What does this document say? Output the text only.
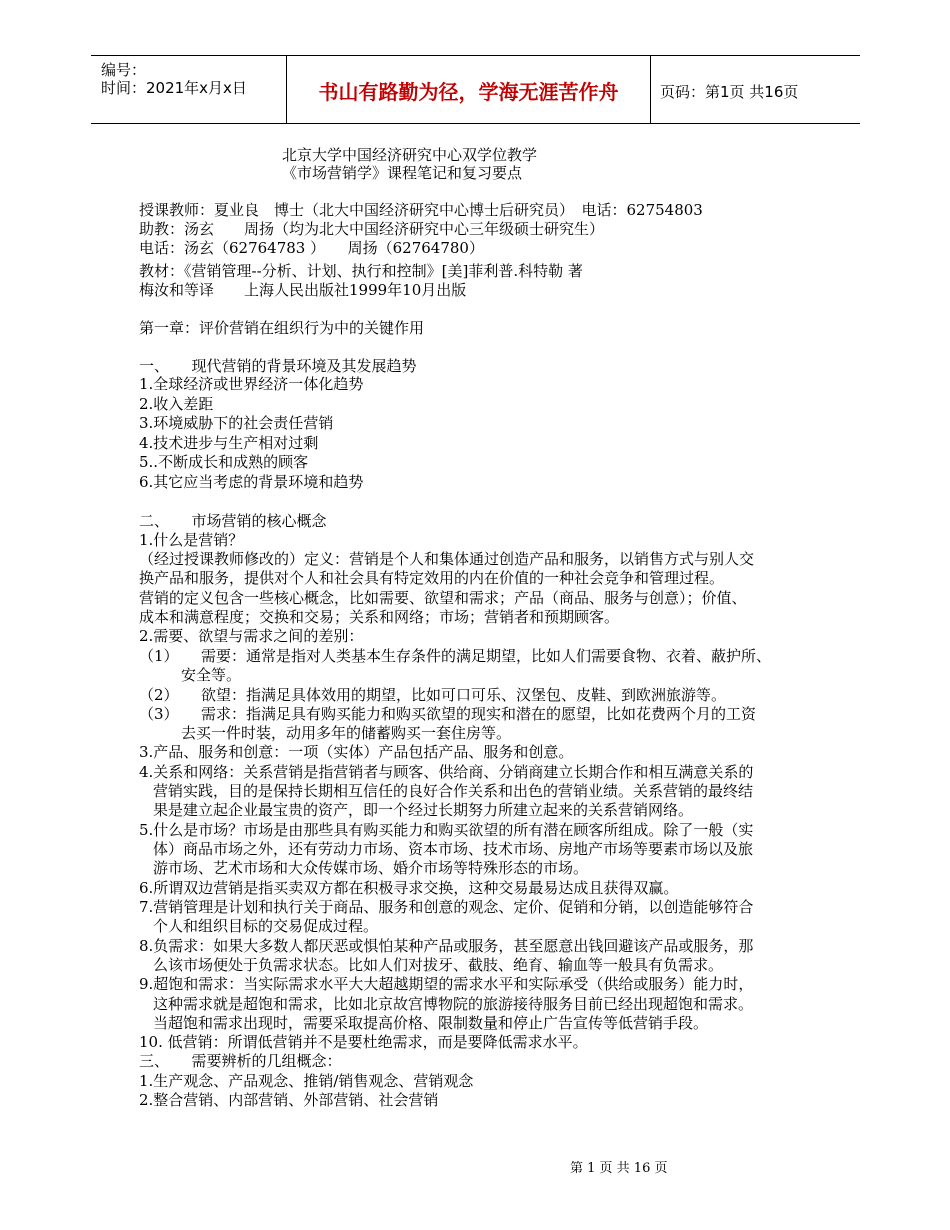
编号：
时间：2021年x月x日	书山有路勤为径，学海无涯苦作舟	页码：第1页 共16页
北京大学中国经济研究中心双学位教学
《市场营销学》课程笔记和复习要点
授课教师：夏业良　博士（北大中国经济研究中心博士后研究员）　电话：62754803
助教：汤玄　　周扬（均为北大中国经济研究中心三年级硕士研究生）
电话：汤玄（62764783 ）　　周扬（62764780）
教材：《营销管理--分析、计划、执行和控制》[美]菲利普.科特勒 著
梅汝和等译　　上海人民出版社1999年10月出版
第一章：评价营销在组织行为中的关键作用
一、　　现代营销的背景环境及其发展趋势
1.全球经济或世界经济一体化趋势
2.收入差距
3.环境威胁下的社会责任营销
4.技术进步与生产相对过剩
5..不断成长和成熟的顾客
6.其它应当考虑的背景环境和趋势
二、　　市场营销的核心概念
1.什么是营销？
（经过授课教师修改的）定义：营销是个人和集体通过创造产品和服务，以销售方式与别人交
换产品和服务，提供对个人和社会具有特定效用的内在价值的一种社会竞争和管理过程。
营销的定义包含一些核心概念，比如需要、欲望和需求；产品（商品、服务与创意）；价值、
成本和满意程度；交换和交易；关系和网络；市场；营销者和预期顾客。
2.需要、欲望与需求之间的差别：
（1）　　需要：通常是指对人类基本生存条件的满足期望，比如人们需要食物、衣着、蔽护所、
安全等。
（2）　　欲望：指满足具体效用的期望，比如可口可乐、汉堡包、皮鞋、到欧洲旅游等。
（3）　　需求：指满足具有购买能力和购买欲望的现实和潜在的愿望，比如花费两个月的工资
去买一件时装，动用多年的储蓄购买一套住房等。
3.产品、服务和创意：一项（实体）产品包括产品、服务和创意。
4.关系和网络：关系营销是指营销者与顾客、供给商、分销商建立长期合作和相互满意关系的
营销实践，目的是保持长期相互信任的良好合作关系和出色的营销业绩。关系营销的最终结
果是建立起企业最宝贵的资产，即一个经过长期努力所建立起来的关系营销网络。
5.什么是市场？市场是由那些具有购买能力和购买欲望的所有潜在顾客所组成。除了一般（实
体）商品市场之外，还有劳动力市场、资本市场、技术市场、房地产市场等要素市场以及旅
游市场、艺术市场和大众传媒市场、婚介市场等特殊形态的市场。
6.所谓双边营销是指买卖双方都在积极寻求交换，这种交易最易达成且获得双赢。
7.营销管理是计划和执行关于商品、服务和创意的观念、定价、促销和分销，以创造能够符合
个人和组织目标的交易促成过程。
8.负需求：如果大多数人都厌恶或惧怕某种产品或服务，甚至愿意出钱回避该产品或服务，那
么该市场便处于负需求状态。比如人们对拔牙、截肢、绝育、输血等一般具有负需求。
9.超饱和需求：当实际需求水平大大超越期望的需求水平和实际承受（供给或服务）能力时，
这种需求就是超饱和需求，比如北京故宫博物院的旅游接待服务目前已经出现超饱和需求。
当超饱和需求出现时，需要采取提高价格、限制数量和停止广告宣传等低营销手段。
10. 低营销：所谓低营销并不是要杜绝需求，而是要降低需求水平。
三、　　需要辨析的几组概念：
1.生产观念、产品观念、推销/销售观念、营销观念
2.整合营销、内部营销、外部营销、社会营销
第 1 页 共 16 页
